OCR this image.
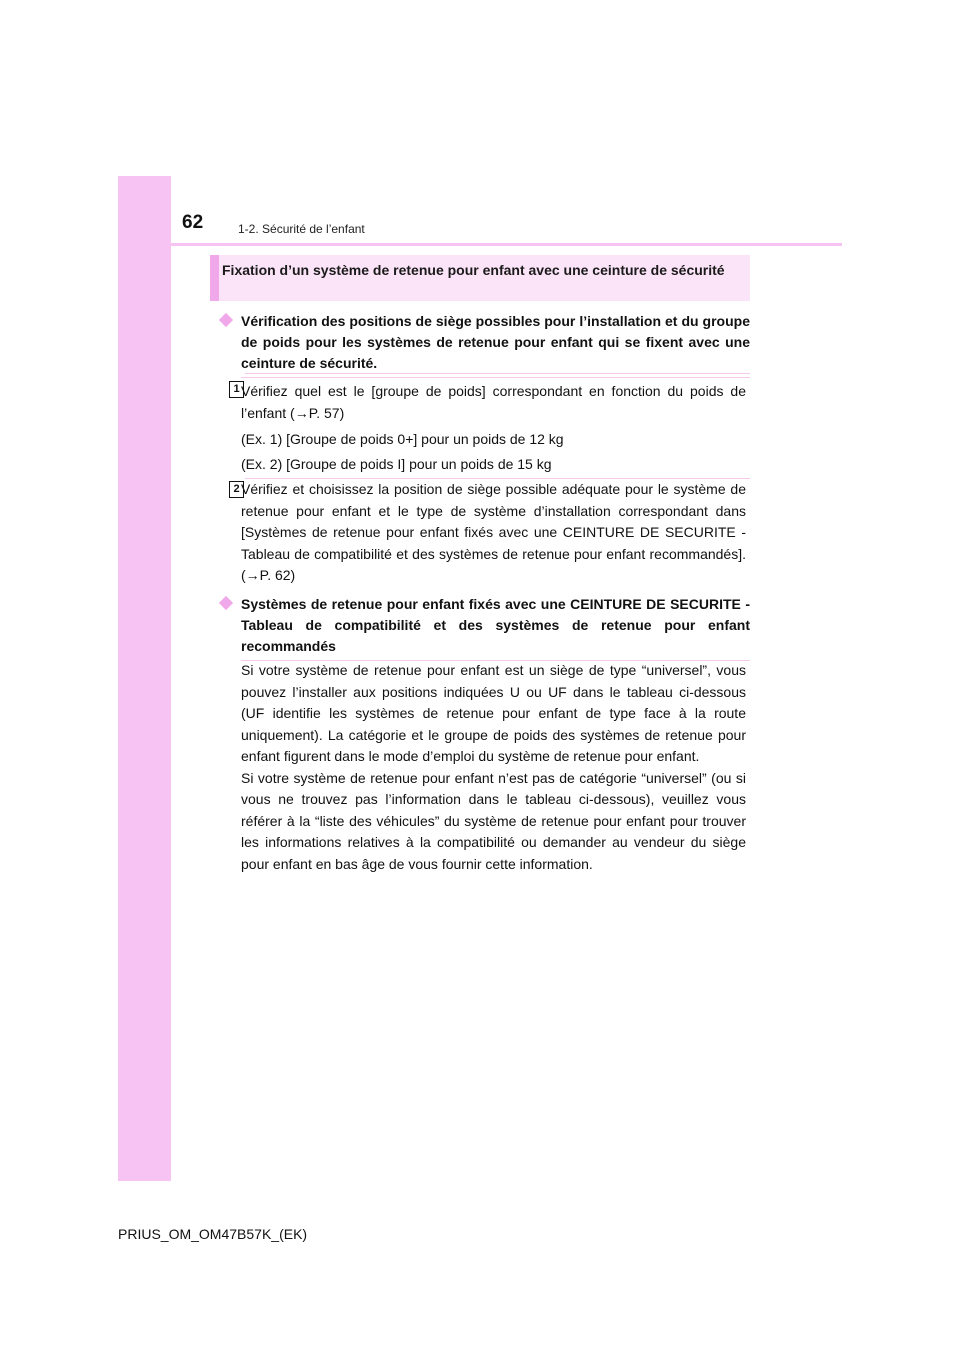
62	1-2. Sécurité de l’enfant
Fixation d’un système de retenue pour enfant avec une ceinture de sécurité
Vérification des positions de siège possibles pour l’installation et du groupe de poids pour les systèmes de retenue pour enfant qui se fixent avec une ceinture de sécurité.
1 Vérifiez quel est le [groupe de poids] correspondant en fonction du poids de l’enfant (→P. 57)
(Ex. 1) [Groupe de poids 0+] pour un poids de 12 kg
(Ex. 2) [Groupe de poids I] pour un poids de 15 kg
2 Vérifiez et choisissez la position de siège possible adéquate pour le système de retenue pour enfant et le type de système d’installation correspondant dans [Systèmes de retenue pour enfant fixés avec une CEINTURE DE SECURITE - Tableau de compatibilité et des systèmes de retenue pour enfant recommandés]. (→P. 62)
Systèmes de retenue pour enfant fixés avec une CEINTURE DE SECURITE - Tableau de compatibilité et des systèmes de retenue pour enfant recommandés

Si votre système de retenue pour enfant est un siège de type “universel”, vous pouvez l’installer aux positions indiquées U ou UF dans le tableau ci-dessous (UF identifie les systèmes de retenue pour enfant de type face à la route uniquement). La catégorie et le groupe de poids des systèmes de retenue pour enfant figurent dans le mode d’emploi du système de retenue pour enfant.

Si votre système de retenue pour enfant n’est pas de catégorie “universel” (ou si vous ne trouvez pas l’information dans le tableau ci-dessous), veuillez vous référer à la “liste des véhicules” du système de retenue pour enfant pour trouver les informations relatives à la compatibilité ou demander au vendeur du siège pour enfant en bas âge de vous fournir cette information.

PRIUS_OM_OM47B57K_(EK)
